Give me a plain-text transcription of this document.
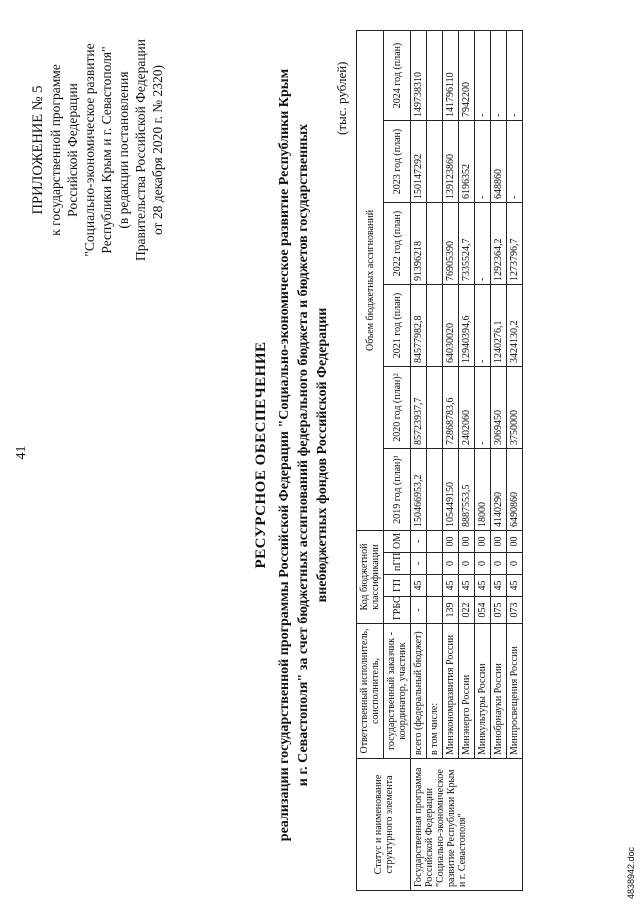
41
ПРИЛОЖЕНИЕ № 5 к государственной программе Российской Федерации "Социально-экономическое развитие Республики Крым и г. Севастополя" (в редакции постановления Правительства Российской Федерации от 28 декабря 2020 г. № 2320)
РЕСУРСНОЕ ОБЕСПЕЧЕНИЕ реализации государственной программы Российской Федерации "Социально-экономическое развитие Республики Крым и г. Севастополя" за счет бюджетных ассигнований федерального бюджета и бюджетов государственных внебюджетных фондов Российской Федерации
(тыс. рублей)
Статус и наименование структурного элемента	Ответственный исполнитель, соисполнитель,	Код бюджетной классификации				Объем бюджетных ассигнований					
	государственный заказчик - координатор, участник	ГРБС	ГП	пГП	ОМ	2019 год (план)¹	2020 год (план)²	2021 год (план)	2022 год (план)	2023 год (план)	2024 год (план)
Государственная программа Российской Федерации "Социально-экономическое развитие Республики Крым и г. Севастополя"	всего (федеральный бюджет)	-	45	-	-	150466953,2	85723937,7	84577982,8	91396218	150147292	149738310
	в том числе:										
	Минэкономразвития России	139	45	0	00	105449150	72868783,6	64030020	76905390	139123860	141796110
	Минэнерго России	022	45	0	00	8887553,5	2402060	12940394,6	7335524,7	6196352	7942200
	Минкультуры России	054	45	0	00	18000	-	-	-	-	-
	Минобрнауки России	075	45	0	00	4140290	3069450	1240276,1	1292364,2	648860	-
	Минпросвещения России	073	45	0	00	6490860	3750000	3424130,2	1273796,7	-	-
4838942.doc
